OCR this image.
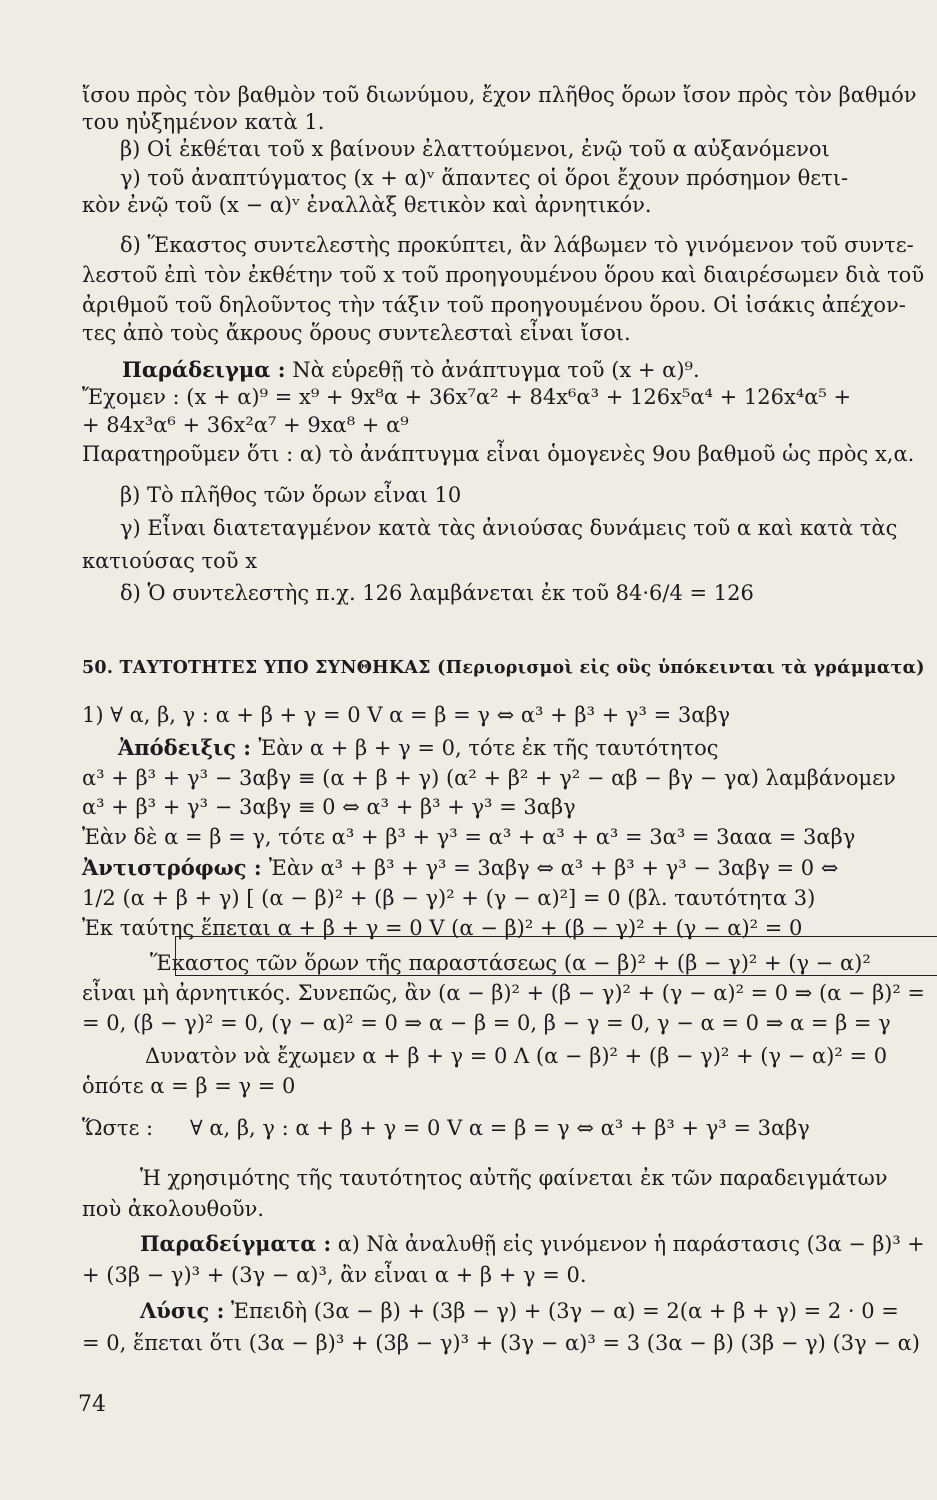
ἴσου πρὸς τὸν βαθμὸν τοῦ διωνύμου, ἔχον πλῆθος ὅρων ἴσον πρὸς τὸν βαθμόν
του ηὐξημένον κατὰ 1.
β) Οἱ ἐκθέται τοῦ x βαίνουν ἐλαττούμενοι, ἐνῷ τοῦ α αὐξανόμενοι
γ) τοῦ ἀναπτύγματος (x + α)ᵛ ἅπαντες οἱ ὅροι ἔχουν πρόσημον θετι-
κὸν ἐνῷ τοῦ (x − α)ᵛ ἐναλλὰξ θετικὸν καὶ ἀρνητικόν.
δ) Ἕκαστος συντελεστὴς προκύπτει, ἂν λάβωμεν τὸ γινόμενον τοῦ συντε-
λεστοῦ ἐπὶ τὸν ἐκθέτην τοῦ x τοῦ προηγουμένου ὅρου καὶ διαιρέσωμεν διὰ τοῦ
ἀριθμοῦ τοῦ δηλοῦντος τὴν τάξιν τοῦ προηγουμένου ὅρου. Οἱ ἰσάκις ἀπέχον-
τες ἀπὸ τοὺς ἄκρους ὅρους συντελεσταὶ εἶναι ἴσοι.
Παράδειγμα : Νὰ εὑρεθῇ τὸ ἀνάπτυγμα τοῦ (x + α)⁹.
Ἔχομεν : (x + α)⁹ = x⁹ + 9x⁸α + 36x⁷α² + 84x⁶α³ + 126x⁵α⁴ + 126x⁴α⁵ +
+ 84x³α⁶ + 36x²α⁷ + 9xα⁸ + α⁹
Παρατηροῦμεν ὅτι : α) τὸ ἀνάπτυγμα εἶναι ὁμογενὲς 9ου βαθμοῦ ὡς πρὸς x,α.
β) Τὸ πλῆθος τῶν ὅρων εἶναι 10
γ) Εἶναι διατεταγμένον κατὰ τὰς ἀνιούσας δυνάμεις τοῦ α καὶ κατὰ τὰς
κατιούσας τοῦ x
δ) Ὁ συντελεστὴς π.χ. 126 λαμβάνεται ἐκ τοῦ 84·6/4 = 126
50. ΤΑΥΤΟΤΗΤΕΣ ΥΠΟ ΣΥΝΘΗΚΑΣ (Περιορισμοὶ εἰς οὓς ὑπόκεινται τὰ γράμματα)
1) ∀ α, β, γ : α + β + γ = 0 V α = β = γ ⇔ α³ + β³ + γ³ = 3αβγ
Ἀπόδειξις : Ἐὰν α + β + γ = 0, τότε ἐκ τῆς ταυτότητος
α³ + β³ + γ³ − 3αβγ ≡ (α + β + γ) (α² + β² + γ² − αβ − βγ − γα) λαμβάνομεν
α³ + β³ + γ³ − 3αβγ ≡ 0 ⇔ α³ + β³ + γ³ = 3αβγ
Ἐὰν δὲ α = β = γ, τότε α³ + β³ + γ³ = α³ + α³ + α³ = 3α³ = 3ααα = 3αβγ
Ἀντιστρόφως : Ἐὰν α³ + β³ + γ³ = 3αβγ ⇔ α³ + β³ + γ³ − 3αβγ = 0 ⇔
1/2 (α + β + γ) [ (α − β)² + (β − γ)² + (γ − α)²] = 0 (βλ. ταυτότητα 3)
Ἐκ ταύτης ἕπεται α + β + γ = 0 V (α − β)² + (β − γ)² + (γ − α)² = 0
Ἕκαστος τῶν ὅρων τῆς παραστάσεως (α − β)² + (β − γ)² + (γ − α)²
εἶναι μὴ ἀρνητικός. Συνεπῶς, ἂν (α − β)² + (β − γ)² + (γ − α)² = 0 ⇒ (α − β)² =
= 0, (β − γ)² = 0, (γ − α)² = 0 ⇒ α − β = 0, β − γ = 0, γ − α = 0 ⇒ α = β = γ
Δυνατὸν νὰ ἔχωμεν α + β + γ = 0 Λ (α − β)² + (β − γ)² + (γ − α)² = 0
ὁπότε α = β = γ = 0
Ὥστε : ∀ α, β, γ : α + β + γ = 0 V α = β = γ ⇔ α³ + β³ + γ³ = 3αβγ
Ἡ χρησιμότης τῆς ταυτότητος αὐτῆς φαίνεται ἐκ τῶν παραδειγμάτων
ποὺ ἀκολουθοῦν.
Παραδείγματα : α) Νὰ ἀναλυθῇ εἰς γινόμενον ἡ παράστασις (3α − β)³ +
+ (3β − γ)³ + (3γ − α)³, ἂν εἶναι α + β + γ = 0.
Λύσις : Ἐπειδὴ (3α − β) + (3β − γ) + (3γ − α) = 2(α + β + γ) = 2 · 0 =
= 0, ἕπεται ὅτι (3α − β)³ + (3β − γ)³ + (3γ − α)³ = 3 (3α − β) (3β − γ) (3γ − α)
74
